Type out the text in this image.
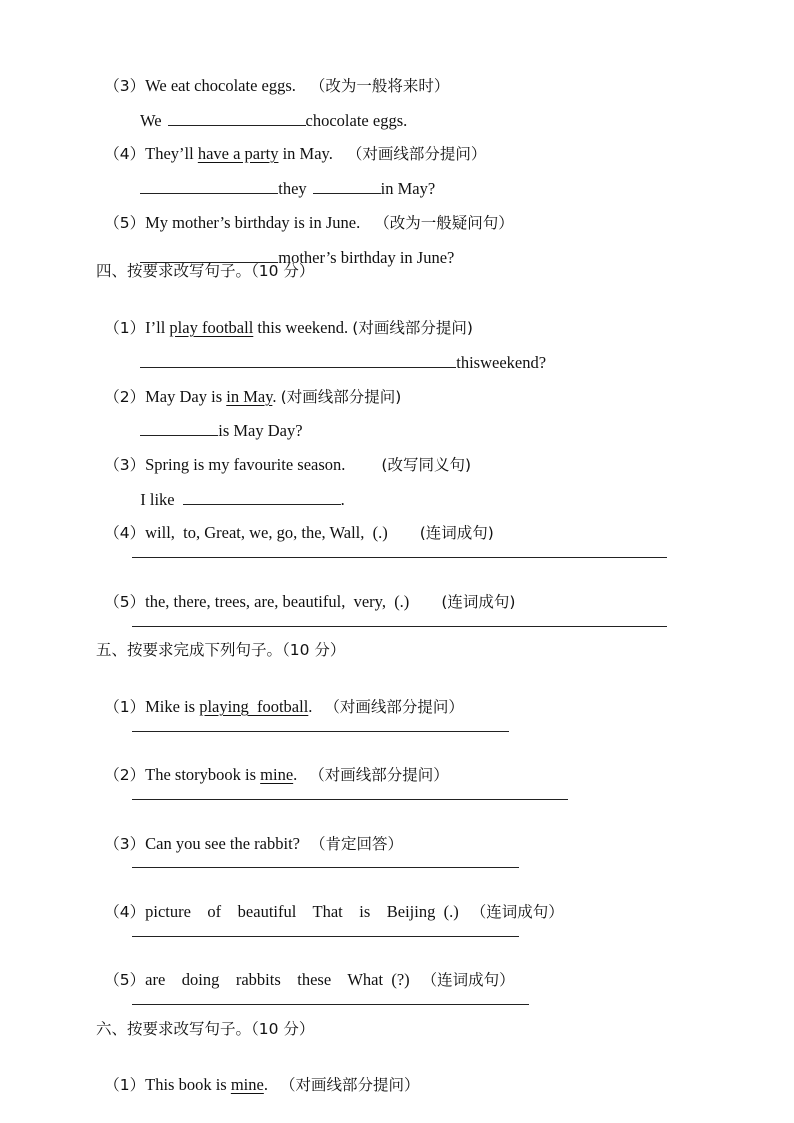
（3）We eat chocolate eggs. （改为一般将来时）

We	chocolate eggs.

（4）They’ll have a party in May. （对画线部分提问）

they	in May?

（5）My mother’s birthday is in June. （改为一般疑问句）

mother’s birthday in June?

四、按要求改写句子。（10 分）

（1）I’ll play football this weekend. (对画线部分提问)

thisweekend?

（2）May Day is in May. (对画线部分提问)

is May Day?

（3）Spring is my favourite season. (改写同义句)

I like	.

（4）will,  to, Great, we, go, the, Wall,  (.) (连词成句)

（5）the, there, trees, are, beautiful,  very,  (.) (连词成句)

五、按要求完成下列句子。（10 分）

（1）Mike is playing  football. （对画线部分提问）

（2）The storybook is mine. （对画线部分提问）

（3）Can you see the rabbit? （肯定回答）

（4）picture    of    beautiful    That    is    Beijing  (.) （连词成句）

（5）are    doing    rabbits    these    What  (?) （连词成句）

六、按要求改写句子。（10 分）

（1）This book is mine. （对画线部分提问）
